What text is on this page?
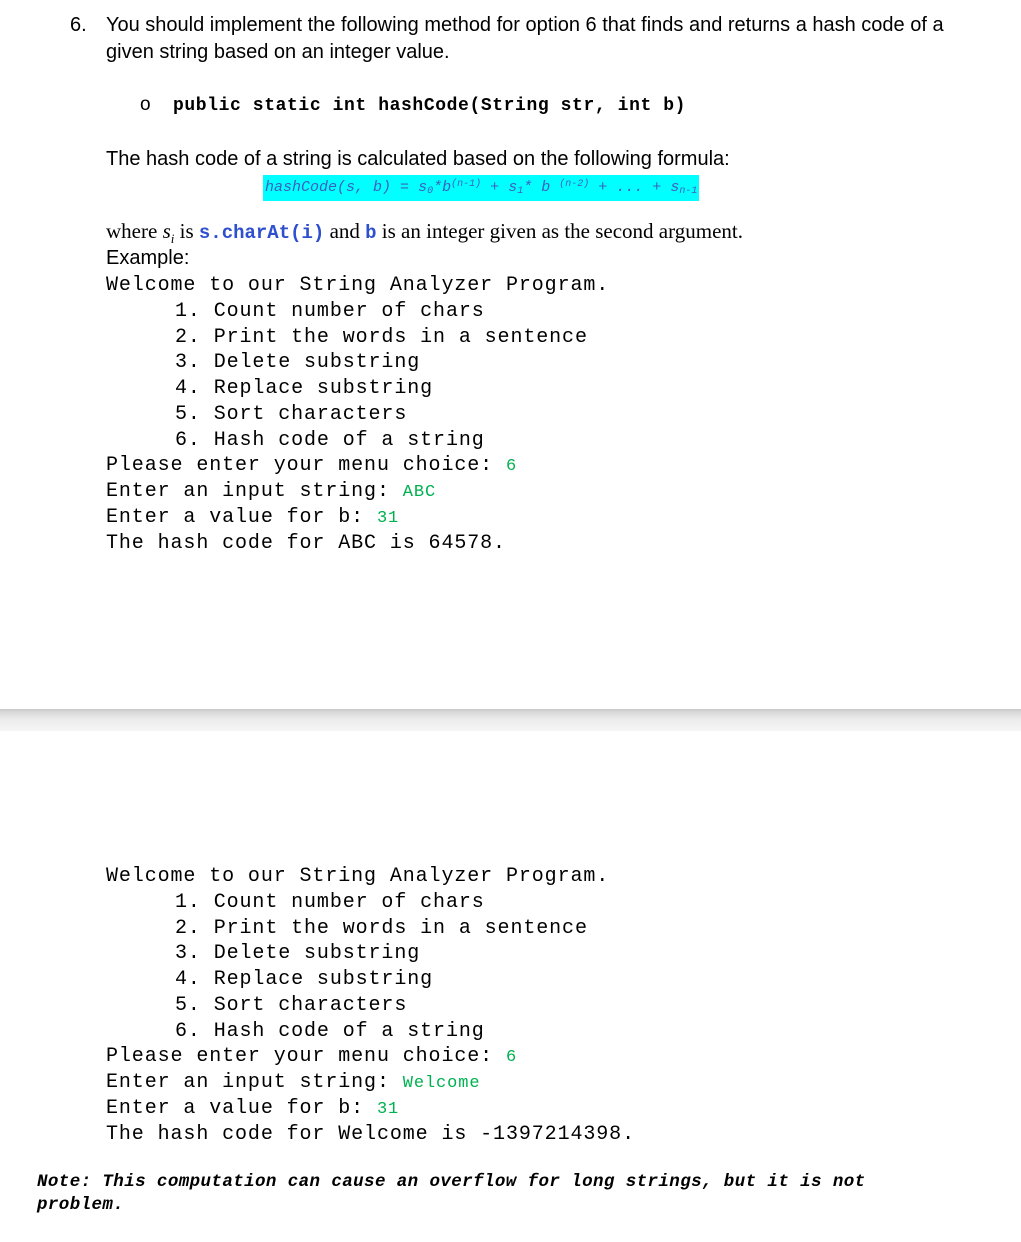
6. You should implement the following method for option 6 that finds and returns a hash code of a
given string based on an integer value.
o public static int hashCode(String str, int b)
The hash code of a string is calculated based on the following formula:
hashCode(s, $b) = s_0*b^{(n-1)} + s_1*$ b $^{(n-2)}$ + ... + $s_{n-1}$
where $s_i$ is s.charAt(i) and b is an integer given as the second argument.
Example:
Welcome to our String Analyzer Program.
1. Count number of chars
2. Print the words in a sentence
3. Delete substring
4. Replace substring
5. Sort characters
6. Hash code of a string
Please enter your menu choice: 6
Enter an input string: ABC
Enter a value for b: 31
The hash code for ABC is 64578.
Welcome to our String Analyzer Program.
1. Count number of chars
2. Print the words in a sentence
3. Delete substring
4. Replace substring
5. Sort characters
6. Hash code of a string
Please enter your menu choice: 6
Enter an input string: Welcome
Enter a value for b: 31
The hash code for Welcome is -1397214398.
Note: This computation can cause an overflow for long strings, but it is not
problem.
